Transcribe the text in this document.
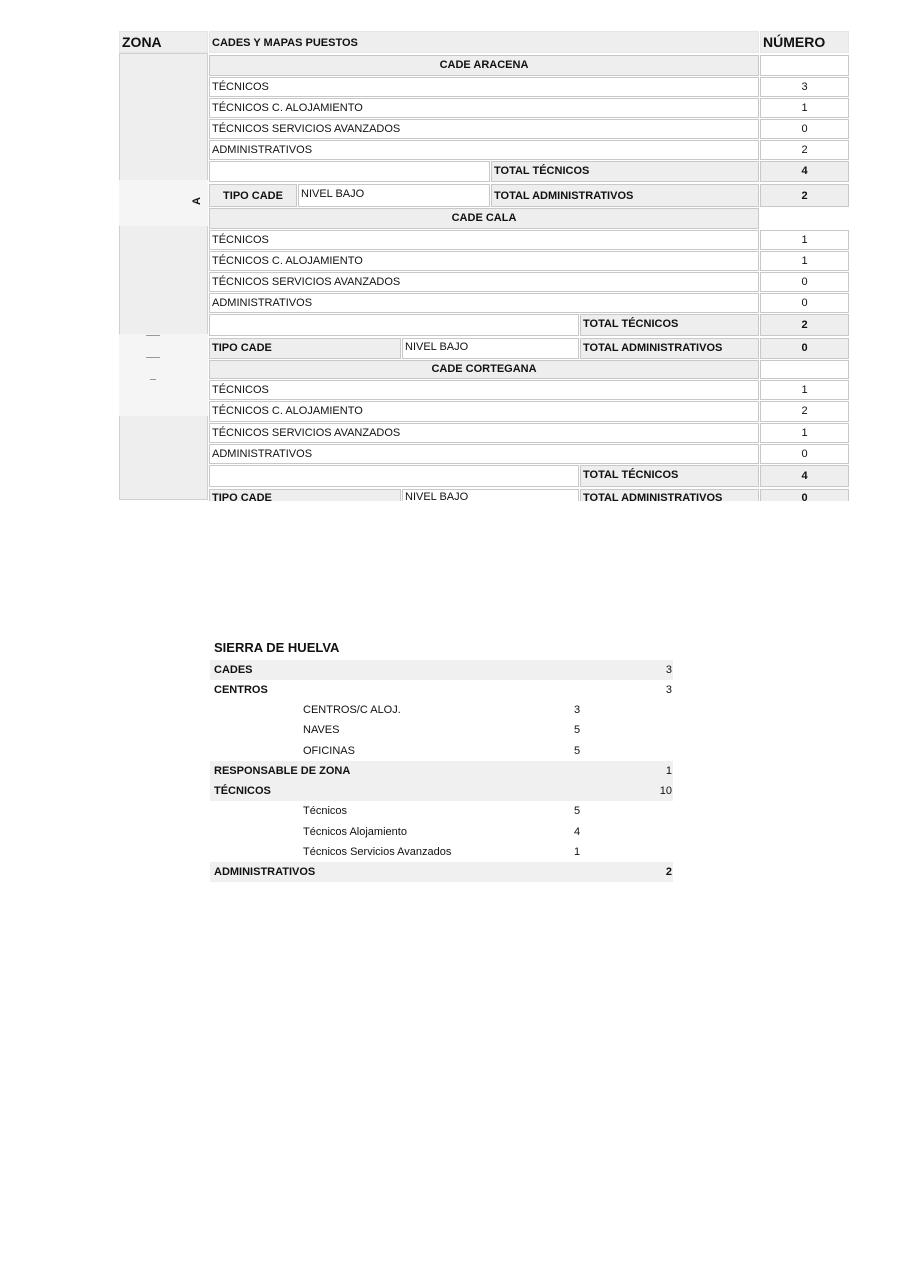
ZONA	CADES Y MAPAS PUESTOS	NÚMERO
A
CADE ARACENA
TÉCNICOS	3
TÉCNICOS C. ALOJAMIENTO	1
TÉCNICOS SERVICIOS AVANZADOS	0
ADMINISTRATIVOS	2
TOTAL TÉCNICOS	4
TIPO CADE	NIVEL BAJO	TOTAL ADMINISTRATIVOS	2
CADE CALA
TÉCNICOS	1
TÉCNICOS C. ALOJAMIENTO	1
TÉCNICOS SERVICIOS AVANZADOS	0
ADMINISTRATIVOS	0
TOTAL TÉCNICOS	2
TIPO CADE	NIVEL BAJO	TOTAL ADMINISTRATIVOS	0
CADE CORTEGANA
TÉCNICOS	1
TÉCNICOS C. ALOJAMIENTO	2
TÉCNICOS SERVICIOS AVANZADOS	1
ADMINISTRATIVOS	0
TOTAL TÉCNICOS	4
TIPO CADE	NIVEL BAJO	TOTAL ADMINISTRATIVOS	0
SIERRA DE HUELVA
CADES	3
CENTROS	3
CENTROS/C ALOJ.	3
NAVES	5
OFICINAS	5
RESPONSABLE DE ZONA	1
TÉCNICOS	10
Técnicos	5
Técnicos Alojamiento	4
Técnicos Servicios Avanzados	1
ADMINISTRATIVOS	2
